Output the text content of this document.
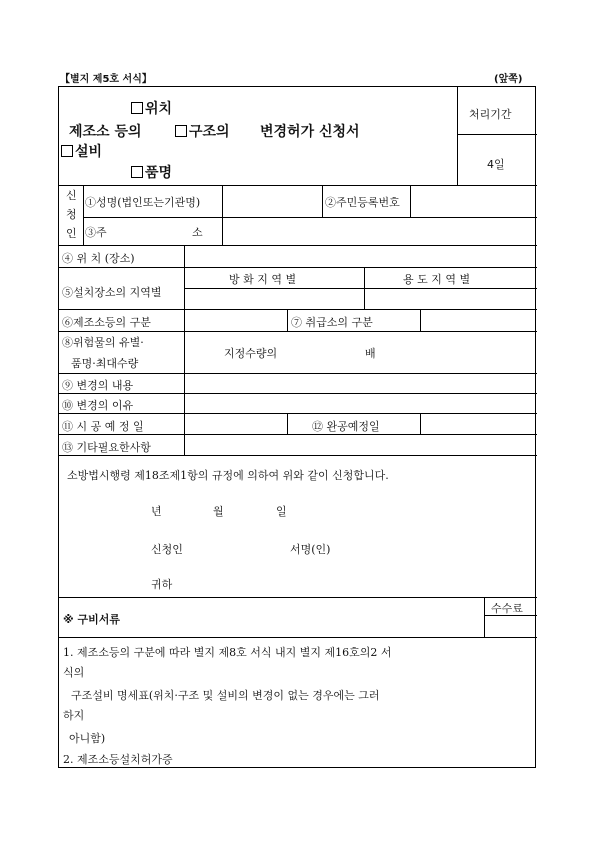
【별지 제5호 서식】	(앞쪽)
위치
제조소 등의	구조의 변경허가 신청서
설비
품명
처리기간
4일
신
청
인
①성명(법인또는기관명)	②주민등록번호
③주	소
④ 위 치 (장소)
⑤설치장소의 지역별
방 화 지 역 별	용 도 지 역 별
⑥제조소등의 구분	⑦ 취급소의 구분
⑧위험물의 유별·
품명·최대수량
지정수량의	배
⑨ 변경의 내용
⑩ 변경의 이유
⑪ 시 공 예 정 일	⑫ 완공예정일
⑬ 기타필요한사항
소방법시행령 제18조제1항의 규정에 의하여 위와 같이 신청합니다.
년	월	일
신청인	서명(인)
귀하
※ 구비서류
수수료
1. 제조소등의 구분에 따라 별지 제8호 서식 내지 별지 제16호의2 서
식의
구조설비 명세표(위치·구조 및 설비의 변경이 없는 경우에는 그러
하지
아니함)
2. 제조소등설치허가증
